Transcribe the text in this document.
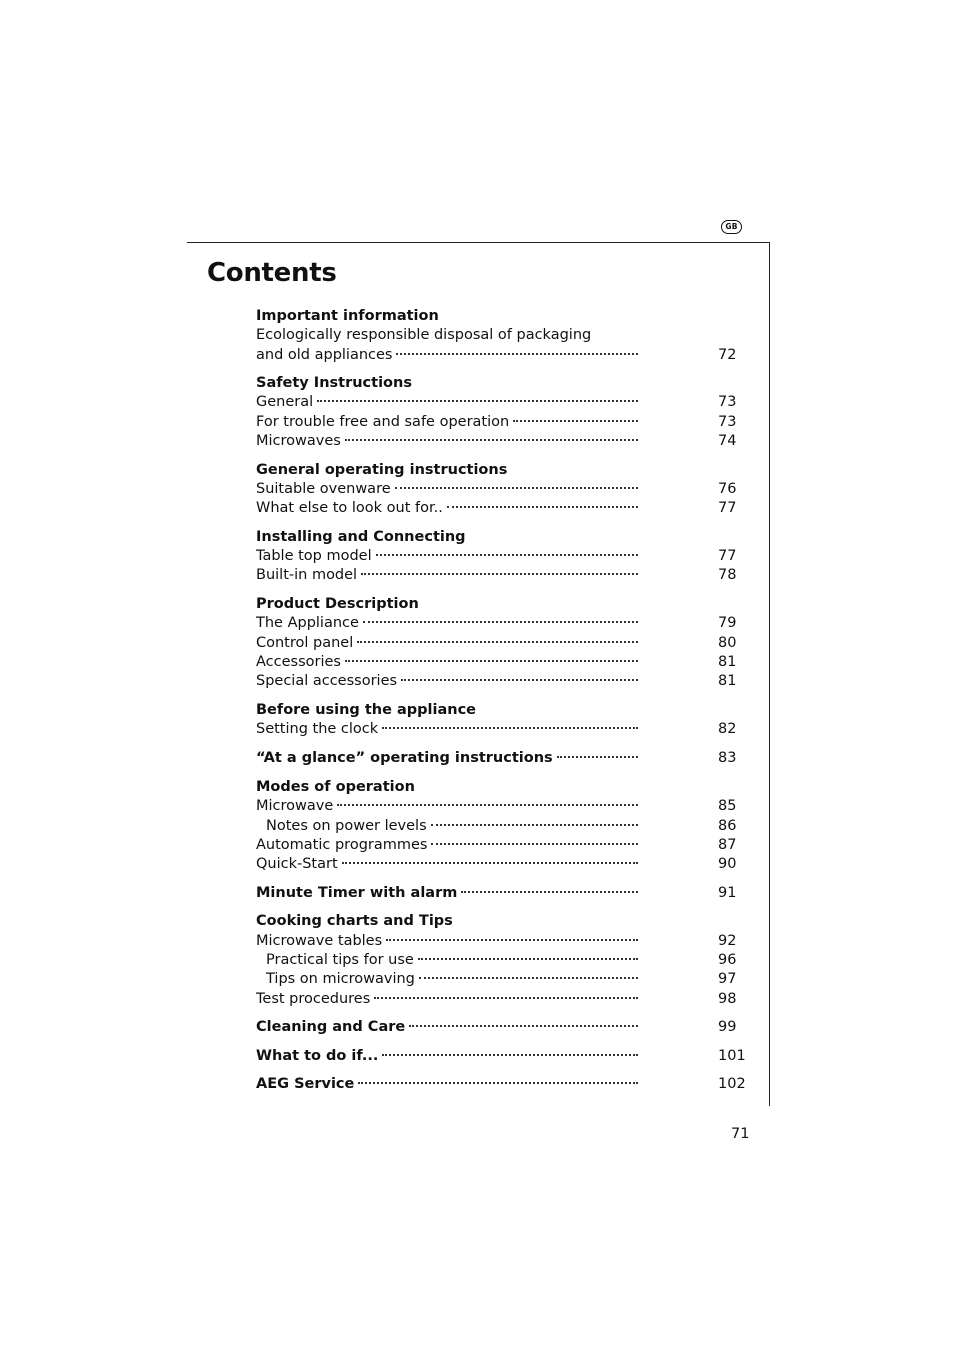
GB
Contents
Important information
Ecologically responsible disposal of packaging
and old appliances	72
Safety Instructions
General	73
For trouble free and safe operation	73
Microwaves	74
General operating instructions
Suitable ovenware	76
What else to look out for..	77
Installing and Connecting
Table top model	77
Built-in model	78
Product Description
The Appliance	79
Control panel	80
Accessories	81
Special accessories	81
Before using the appliance
Setting the clock	82
“At a glance” operating instructions	83
Modes of operation
Microwave	85
Notes on power levels	86
Automatic programmes	87
Quick-Start	90
Minute Timer with alarm	91
Cooking charts and Tips
Microwave tables	92
Practical tips for use	96
Tips on microwaving	97
Test procedures	98
Cleaning and Care	99
What to do if...	101
AEG Service	102
71
